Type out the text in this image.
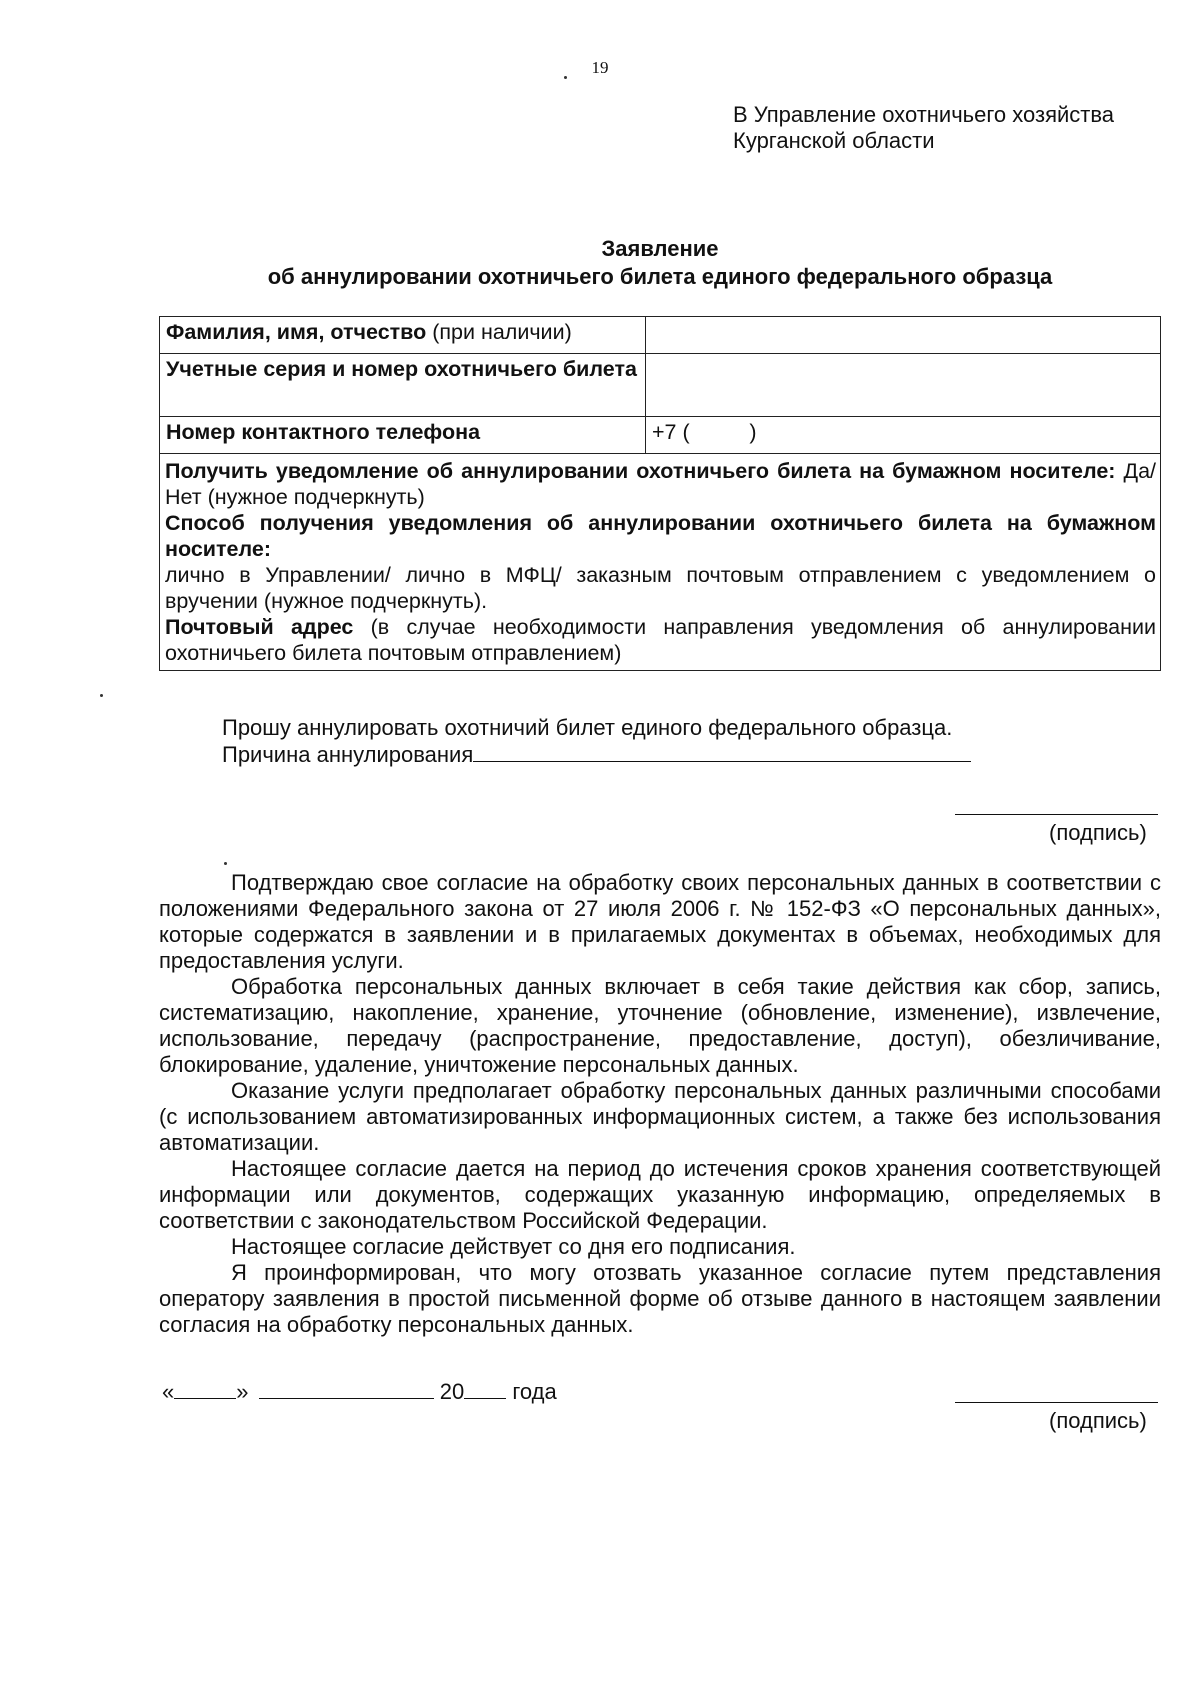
19
В Управление охотничьего хозяйства
Курганской области
Заявление
об аннулировании охотничьего билета единого федерального образца
Фамилия, имя, отчество (при наличии)	
Учетные серия и номер охотничьего билета	
Номер контактного телефона	+7 (          )

Получить уведомление об аннулировании охотничьего билета на бумажном носителе: Да/ Нет (нужное подчеркнуть)
Способ получения уведомления об аннулировании охотничьего билета на бумажном носителе:
лично в Управлении/ лично в МФЦ/ заказным почтовым отправлением с уведомлением о вручении (нужное подчеркнуть).
Почтовый адрес (в случае необходимости направления уведомления об аннулировании охотничьего билета почтовым отправлением)	
Прошу аннулировать охотничий билет единого федерального образца.
Причина аннулирования
(подпись)

Подтверждаю свое согласие на обработку своих персональных данных в соответствии с положениями Федерального закона от 27 июля 2006 г. № 152-ФЗ «О персональных данных», которые содержатся в заявлении и в прилагаемых документах в объемах, необходимых для предоставления услуги.

Обработка персональных данных включает в себя такие действия как сбор, запись, систематизацию, накопление, хранение, уточнение (обновление, изменение), извлечение, использование, передачу (распространение, предоставление, доступ), обезличивание, блокирование, удаление, уничтожение персональных данных.

Оказание услуги предполагает обработку персональных данных различными способами (с использованием автоматизированных информационных систем, а также без использования автоматизации.

Настоящее согласие дается на период до истечения сроков хранения соответствующей информации или документов, содержащих указанную информацию, определяемых в соответствии с законодательством Российской Федерации.

Настоящее согласие действует со дня его подписания.

Я проинформирован, что могу отозвать указанное согласие путем представления оператору заявления в простой письменной форме об отзыве данного в настоящем заявлении согласия на обработку персональных данных.

«	»	20 года
(подпись)
